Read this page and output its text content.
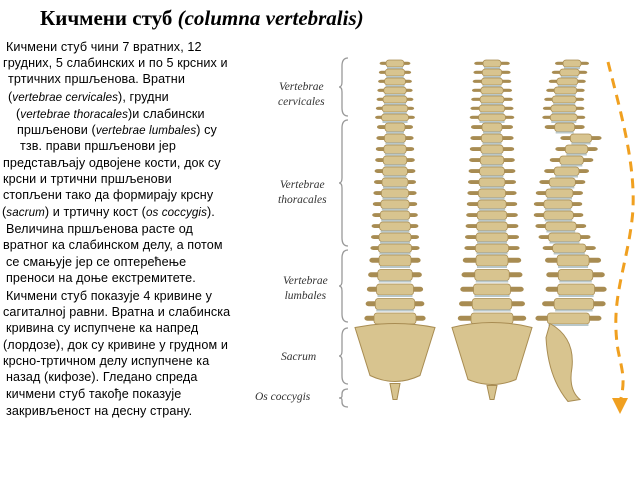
Кичмени стуб (columna vertebralis)
Кичмени стуб чини 7 вратних, 12
грудних, 5 слабинских и по 5 крсних и
тртичних пршљенова. Вратни
(vertebrae cervicales), грудни
(vertebrae thoracales)и слабински
пршљенови (vertebrae lumbales) су
тзв. прави пршљенови јер
представљају одвојене кости, док су
крсни и тртични пршљенови
стопљени тако да формирају крсну
(sacrum) и тртичну кост (os coccygis).
Величина пршљенова расте од
вратног ка слабинском делу, а потом
се смањује јер се оптерећење
преноси на доње екстремитете.
Кичмени стуб показује 4 кривине у
сагиталној равни. Вратна и слабинска
кривина су испупчене ка напред
(лордозе), док су кривине у грудном и
крсно-тртичном делу испупчене ка
назад (кифозе). Гледано спреда
кичмени стуб такође показује
закривљеност на десну страну.
Vertebrae
cervicales
Vertebrae
thoracales
Vertebrae
lumbales
Sacrum
Os coccygis
